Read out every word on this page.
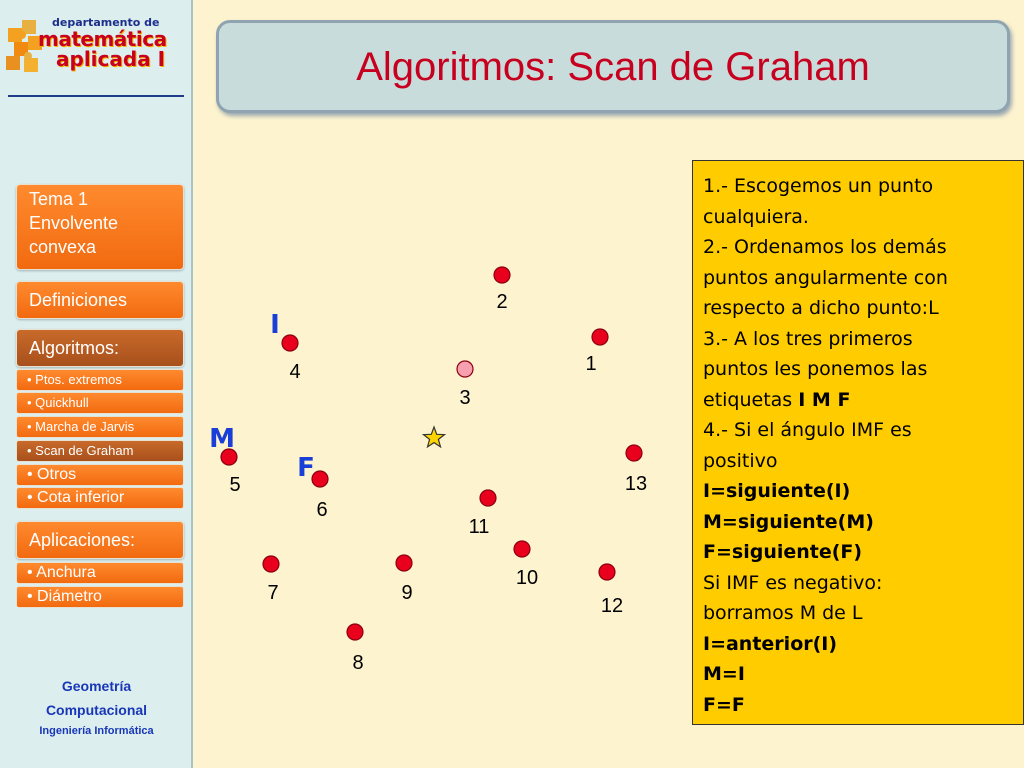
departamento de
matemática
aplicada I
Tema 1 Envolvente convexa
Definiciones
Algoritmos:
• Ptos. extremos
• Quickhull
• Marcha de Jarvis
• Scan de Graham
• Otros
• Cota inferior
Aplicaciones:
• Anchura
• Diámetro
Geometría
Computacional
Ingeniería Informática
Algoritmos: Scan de Graham
1
2
3
4
5
6
7
8
9
10
11
12
13
I
M
F
1.- Escogemos un punto
cualquiera.
2.- Ordenamos los demás
puntos angularmente con
respecto a dicho punto:L
3.- A los tres primeros
puntos les ponemos las
etiquetas I M F
4.- Si el ángulo IMF es
positivo
I=siguiente(I)
M=siguiente(M)
F=siguiente(F)
Si IMF es negativo:
borramos M de L
I=anterior(I)
M=I
F=F
